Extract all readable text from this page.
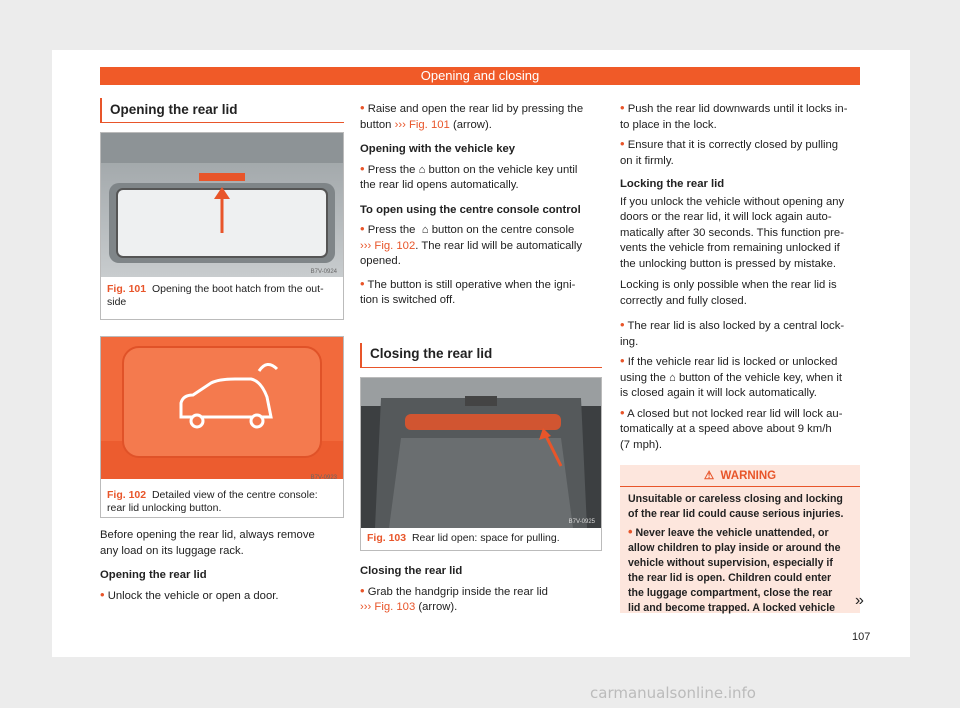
Opening and closing
Opening the rear lid
B7V-0924
Fig. 101 Opening the boot hatch from the out-
side
B7V-0923
Fig. 102 Detailed view of the centre console:
rear lid unlocking button.

Before opening the rear lid, always remove

any load on its luggage rack.

Opening the rear lid

• Unlock the vehicle or open a door.

• Raise and open the rear lid by pressing the

button ››› Fig. 101 (arrow).

Opening with the vehicle key

• Press the ⌂ button on the vehicle key until

the rear lid opens automatically.

To open using the centre console control

• Press the ⌂ button on the centre console

››› Fig. 102. The rear lid will be automatically

opened.

• The button is still operative when the igni-

tion is switched off.

Closing the rear lid
B7V-0925
Fig. 103 Rear lid open: space for pulling.

Closing the rear lid

• Grab the handgrip inside the rear lid

››› Fig. 103 (arrow).

• Push the rear lid downwards until it locks in-

to place in the lock.

• Ensure that it is correctly closed by pulling

on it firmly.

Locking the rear lid

If you unlock the vehicle without opening any

doors or the rear lid, it will lock again auto-

matically after 30 seconds. This function pre-

vents the vehicle from remaining unlocked if

the unlocking button is pressed by mistake.

Locking is only possible when the rear lid is

correctly and fully closed.

• The rear lid is also locked by a central lock-

ing.

• If the vehicle rear lid is locked or unlocked

using the ⌂ button of the vehicle key, when it

is closed again it will lock automatically.

• A closed but not locked rear lid will lock au-

tomatically at a speed above about 9 km/h

(7 mph).

⚠ WARNING
Unsuitable or careless closing and locking
of the rear lid could cause serious injuries.
• Never leave the vehicle unattended, or
allow children to play inside or around the
vehicle without supervision, especially if
the rear lid is open. Children could enter
the luggage compartment, close the rear
lid and become trapped. A locked vehicle	»
107
carmanualsonline.info
